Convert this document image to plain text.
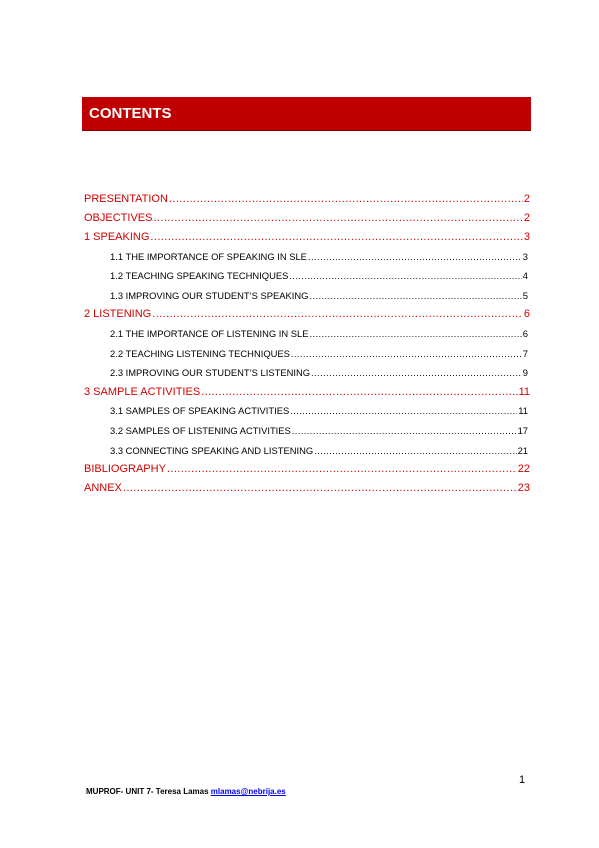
CONTENTS
PRESENTATION .....	2
OBJECTIVES .....	2
1 SPEAKING .....	3
1.1 THE IMPORTANCE OF SPEAKING IN SLE .....	3
1.2 TEACHING SPEAKING TECHNIQUES .....	4
1.3 IMPROVING OUR STUDENT’S SPEAKING .....	5
2 LISTENING .....	6
2.1 THE IMPORTANCE OF LISTENING IN SLE .....	6
2.2 TEACHING LISTENING TECHNIQUES .....	7
2.3 IMPROVING OUR STUDENT’S LISTENING .....	9
3 SAMPLE ACTIVITIES .....	11
3.1 SAMPLES OF SPEAKING ACTIVITIES .....	11
3.2 SAMPLES OF LISTENING ACTIVITIES .....	17
3.3 CONNECTING SPEAKING AND LISTENING .....	21
BIBLIOGRAPHY .....	22
ANNEX .....	23
1
MUPROF- UNIT 7- Teresa Lamas mlamas@nebrija.es
